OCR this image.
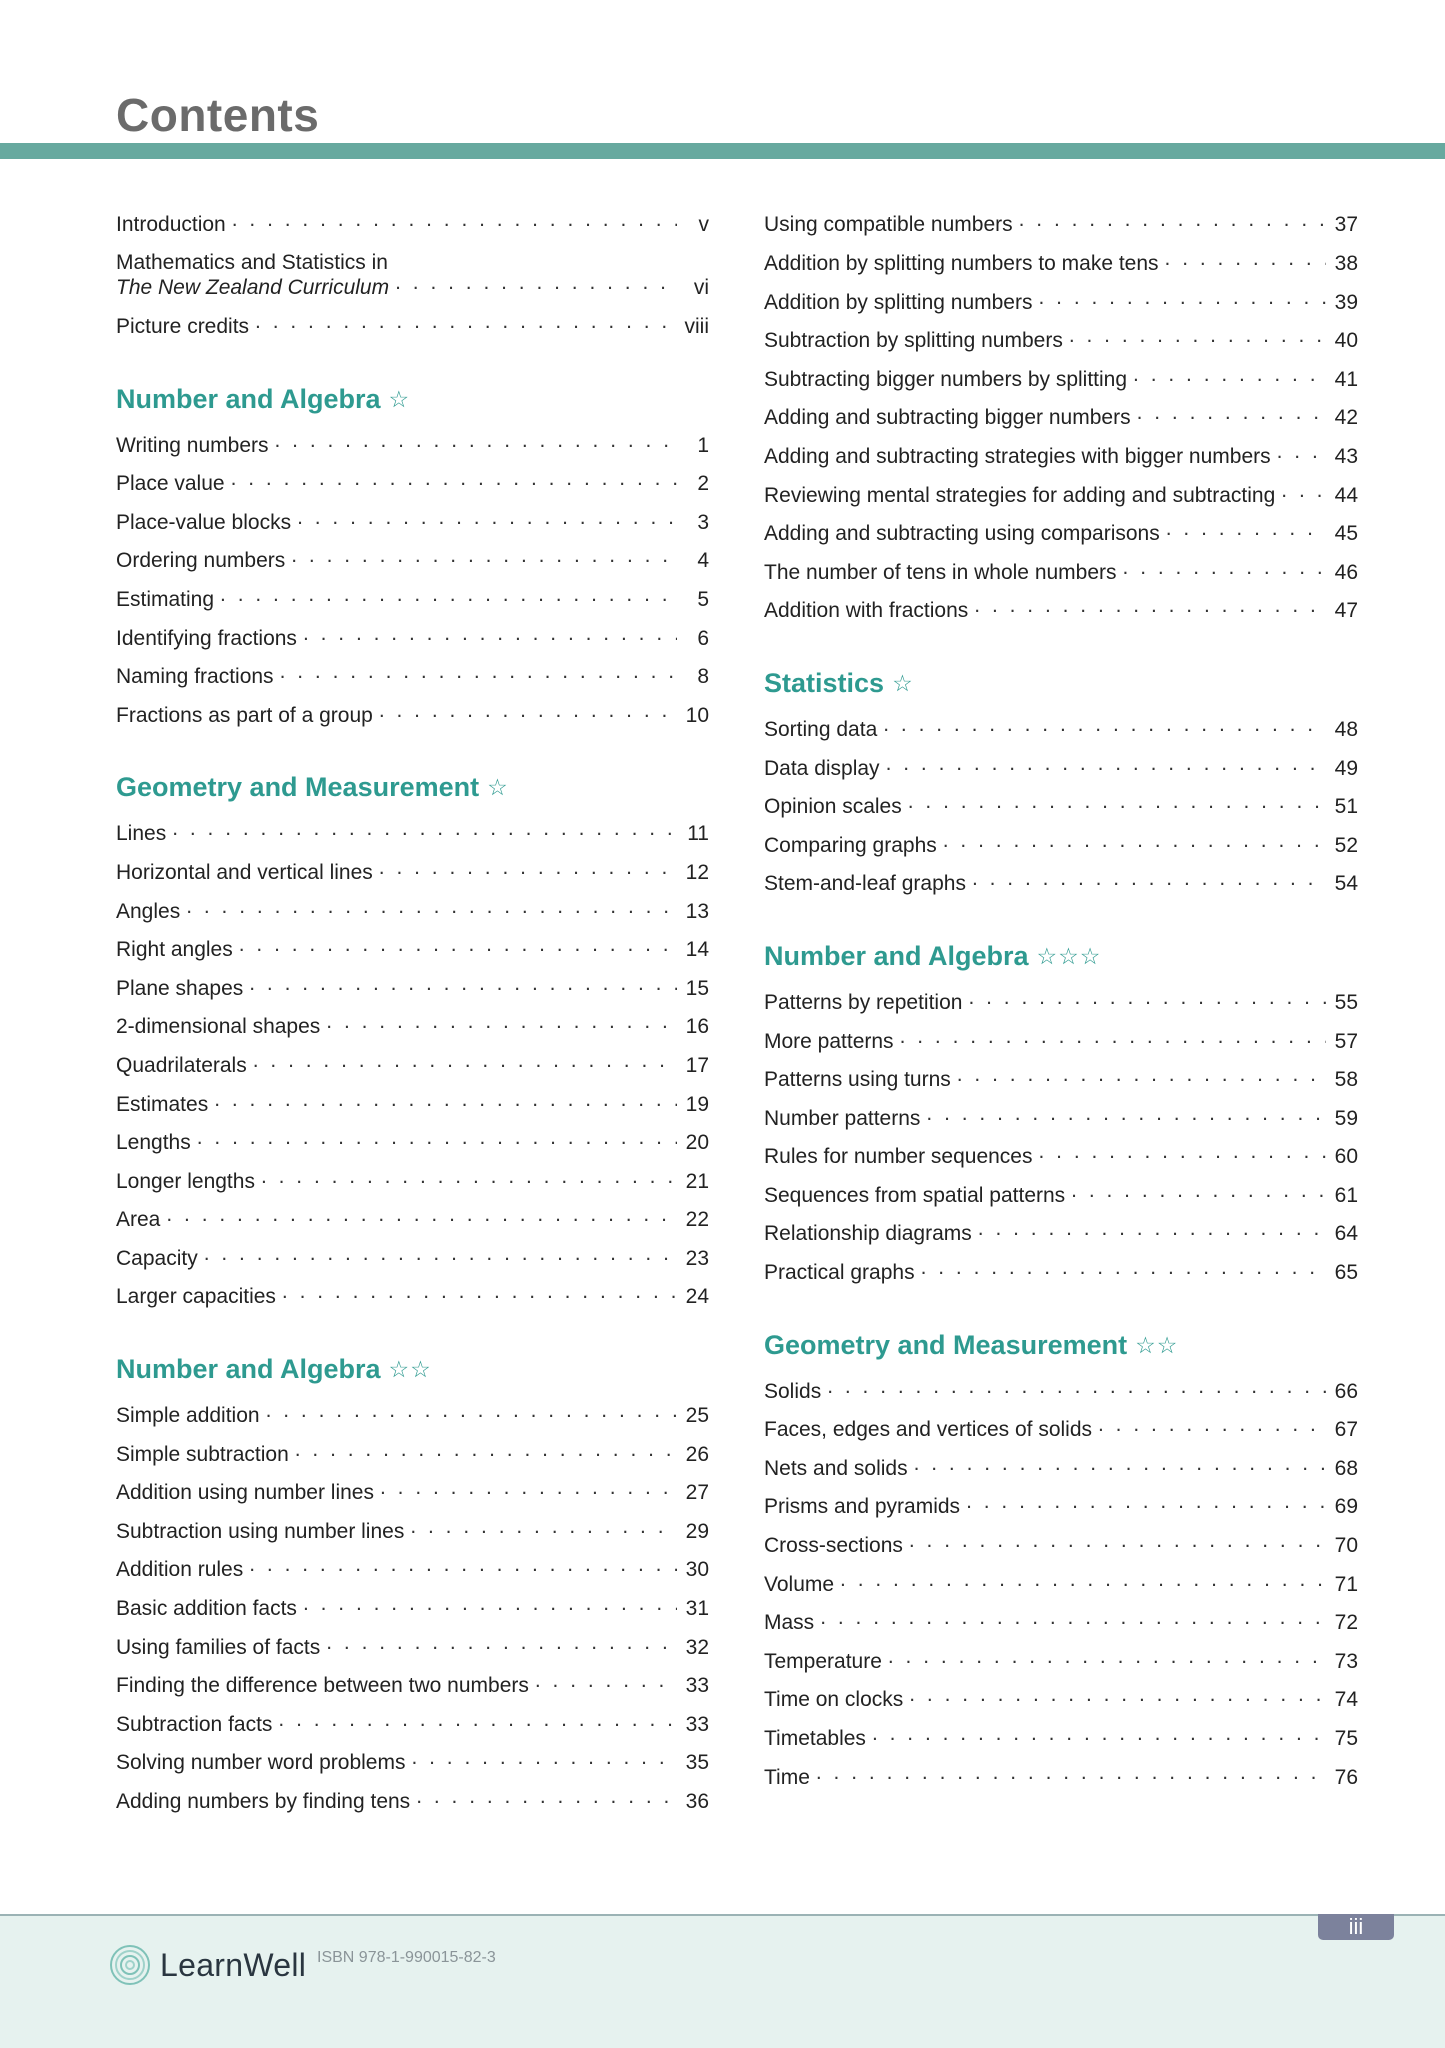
Contents
Introduction . . .	v
Mathematics and Statistics in
The New Zealand Curriculum . . .	vi
Picture credits . . .	viii
Number and Algebra ☆
Writing numbers . . .	1
Place value . . .	2
Place-value blocks . . .	3
Ordering numbers . . .	4
Estimating . . .	5
Identifying fractions . . .	6
Naming fractions . . .	8
Fractions as part of a group . . .	10
Geometry and Measurement ☆
Lines . . .	11
Horizontal and vertical lines . . .	12
Angles . . .	13
Right angles . . .	14
Plane shapes . . .	15
2-dimensional shapes . . .	16
Quadrilaterals . . .	17
Estimates . . .	19
Lengths . . .	20
Longer lengths . . .	21
Area . . .	22
Capacity . . .	23
Larger capacities . . .	24
Number and Algebra ☆☆
Simple addition . . .	25
Simple subtraction . . .	26
Addition using number lines . . .	27
Subtraction using number lines . . .	29
Addition rules . . .	30
Basic addition facts . . .	31
Using families of facts . . .	32
Finding the difference between two numbers . . .	33
Subtraction facts . . .	33
Solving number word problems . . .	35
Adding numbers by finding tens . . .	36
Using compatible numbers . . .	37
Addition by splitting numbers to make tens . . .	38
Addition by splitting numbers . . .	39
Subtraction by splitting numbers . . .	40
Subtracting bigger numbers by splitting . . .	41
Adding and subtracting bigger numbers . . .	42
Adding and subtracting strategies with bigger numbers . . .	43
Reviewing mental strategies for adding and subtracting . . .	44
Adding and subtracting using comparisons . . .	45
The number of tens in whole numbers . . .	46
Addition with fractions . . .	47
Statistics ☆
Sorting data . . .	48
Data display . . .	49
Opinion scales . . .	51
Comparing graphs . . .	52
Stem-and-leaf graphs . . .	54
Number and Algebra ☆☆☆
Patterns by repetition . . .	55
More patterns . . .	57
Patterns using turns . . .	58
Number patterns . . .	59
Rules for number sequences . . .	60
Sequences from spatial patterns . . .	61
Relationship diagrams . . .	64
Practical graphs . . .	65
Geometry and Measurement ☆☆
Solids . . .	66
Faces, edges and vertices of solids . . .	67
Nets and solids . . .	68
Prisms and pyramids . . .	69
Cross-sections . . .	70
Volume . . .	71
Mass . . .	72
Temperature . . .	73
Time on clocks . . .	74
Timetables . . .	75
Time . . .	76
iii
LearnWell ISBN 978-1-990015-82-3
